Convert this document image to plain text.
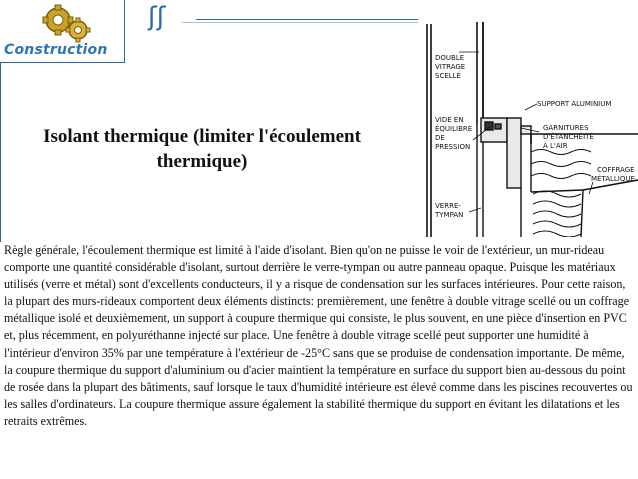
ʃʃ
Construction
Isolant thermique (limiter l'écoulement thermique)
DOUBLE
VITRAGE
SCELLÉ
SUPPORT ALUMINIUM
VIDE EN
ÉQUILIBRE
DE
PRESSION
GARNITURES
D'ÉTANCHÉITÉ
À L'AIR
COFFRAGE
MÉTALLIQUE
VERRE-
TYMPAN
Règle générale, l'écoulement thermique est limité à l'aide d'isolant. Bien qu'on ne puisse le voir de l'extérieur, un mur-rideau comporte une quantité considérable d'isolant, surtout derrière le verre-tympan ou autre panneau opaque. Puisque les matériaux utilisés (verre et métal) sont d'excellents conducteurs, il y a risque de condensation sur les surfaces intérieures. Pour cette raison, la plupart des murs-rideaux comportent deux éléments distincts: premièrement, une fenêtre à double vitrage scellé ou un coffrage métallique isolé et deuxièmement, un support à coupure thermique qui consiste, le plus souvent, en une pièce d'insertion en PVC et, plus récemment, en polyuréthanne injecté sur place. Une fenêtre à double vitrage scellé peut supporter une humidité à l'intérieur d'environ 35% par une température à l'extérieur de -25°C sans que se produise de condensation importante. De même, la coupure thermique du support d'aluminium ou d'acier maintient la température en surface du support bien au-dessous du point de rosée dans la plupart des bâtiments, sauf lorsque le taux d'humidité intérieure est élevé comme dans les piscines recouvertes ou les salles d'ordinateurs. La coupure thermique assure également la stabilité thermique du support en évitant les dilatations et les retraits extrêmes.
